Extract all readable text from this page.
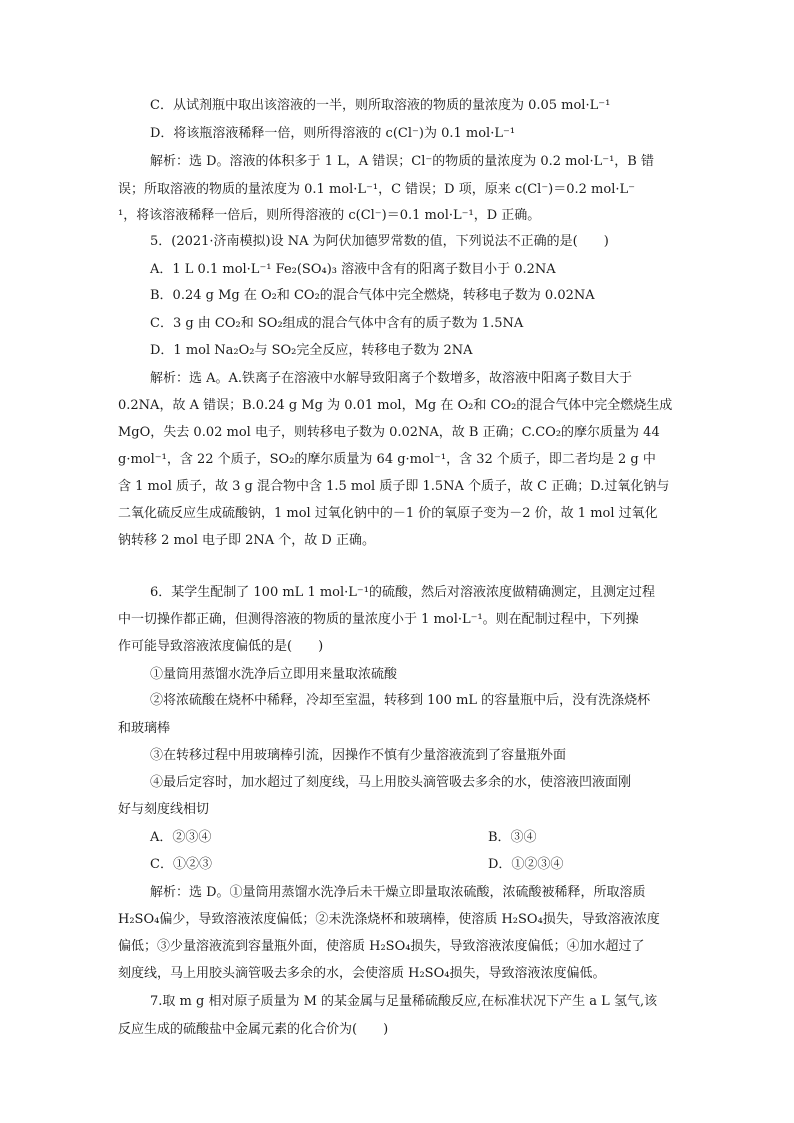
C．从试剂瓶中取出该溶液的一半，则所取溶液的物质的量浓度为 0.05 mol·L⁻¹
D．将该瓶溶液稀释一倍，则所得溶液的 c(Cl⁻)为 0.1 mol·L⁻¹
解析：选 D。溶液的体积多于 1 L，A 错误；Cl⁻的物质的量浓度为 0.2 mol·L⁻¹，B 错
误；所取溶液的物质的量浓度为 0.1 mol·L⁻¹，C 错误；D 项，原来 c(Cl⁻)＝0.2 mol·L⁻
¹，将该溶液稀释一倍后，则所得溶液的 c(Cl⁻)＝0.1 mol·L⁻¹，D 正确。
5．(2021·济南模拟)设 NA 为阿伏加德罗常数的值，下列说法不正确的是(　　)
A．1 L 0.1 mol·L⁻¹ Fe₂(SO₄)₃ 溶液中含有的阳离子数目小于 0.2NA
B．0.24 g Mg 在 O₂和 CO₂的混合气体中完全燃烧，转移电子数为 0.02NA
C．3 g 由 CO₂和 SO₂组成的混合气体中含有的质子数为 1.5NA
D．1 mol Na₂O₂与 SO₂完全反应，转移电子数为 2NA
解析：选 A。A.铁离子在溶液中水解导致阳离子个数增多，故溶液中阳离子数目大于
0.2NA，故 A 错误；B.0.24 g Mg 为 0.01 mol，Mg 在 O₂和 CO₂的混合气体中完全燃烧生成
MgO，失去 0.02 mol 电子，则转移电子数为 0.02NA，故 B 正确；C.CO₂的摩尔质量为 44
g·mol⁻¹，含 22 个质子，SO₂的摩尔质量为 64 g·mol⁻¹，含 32 个质子，即二者均是 2 g 中
含 1 mol 质子，故 3 g 混合物中含 1.5 mol 质子即 1.5NA 个质子，故 C 正确；D.过氧化钠与
二氧化硫反应生成硫酸钠，1 mol 过氧化钠中的－1 价的氧原子变为－2 价，故 1 mol 过氧化
钠转移 2 mol 电子即 2NA 个，故 D 正确。
6．某学生配制了 100 mL 1 mol·L⁻¹的硫酸，然后对溶液浓度做精确测定，且测定过程
中一切操作都正确，但测得溶液的物质的量浓度小于 1 mol·L⁻¹。则在配制过程中，下列操
作可能导致溶液浓度偏低的是(　　)
①量筒用蒸馏水洗净后立即用来量取浓硫酸
②将浓硫酸在烧杯中稀释，冷却至室温，转移到 100 mL 的容量瓶中后，没有洗涤烧杯
和玻璃棒
③在转移过程中用玻璃棒引流，因操作不慎有少量溶液流到了容量瓶外面
④最后定容时，加水超过了刻度线，马上用胶头滴管吸去多余的水，使溶液凹液面刚
好与刻度线相切
A．②③④	B．③④
C．①②③	D．①②③④
解析：选 D。①量筒用蒸馏水洗净后未干燥立即量取浓硫酸，浓硫酸被稀释，所取溶质
H₂SO₄偏少，导致溶液浓度偏低；②未洗涤烧杯和玻璃棒，使溶质 H₂SO₄损失，导致溶液浓度
偏低；③少量溶液流到容量瓶外面，使溶质 H₂SO₄损失，导致溶液浓度偏低；④加水超过了
刻度线，马上用胶头滴管吸去多余的水，会使溶质 H₂SO₄损失，导致溶液浓度偏低。
7.取 m g 相对原子质量为 M 的某金属与足量稀硫酸反应,在标准状况下产生 a L 氢气,该
反应生成的硫酸盐中金属元素的化合价为(　　)
